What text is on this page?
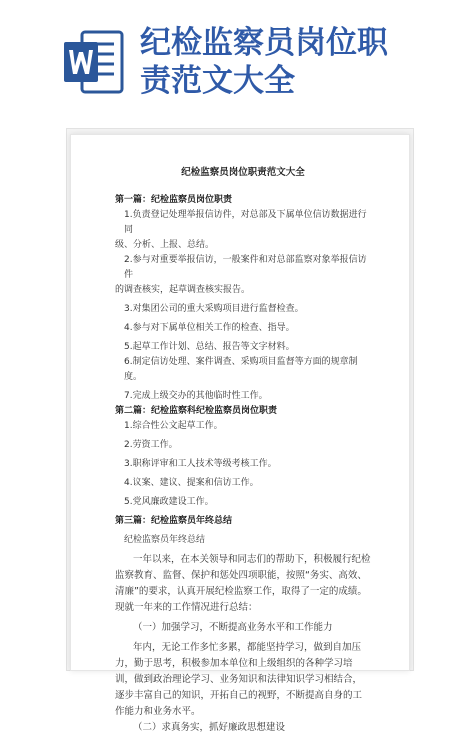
纪检监察员岗位职
责范文大全
纪检监察员岗位职责范文大全
第一篇：纪检监察员岗位职责
1.负责登记处理举报信访件，对总部及下属单位信访数据进行同
级、分析、上报、总结。
2.参与对重要举报信访，一般案件和对总部监察对象举报信访件
的调查核实，起草调查核实报告。
3.对集团公司的重大采购项目进行监督检查。
4.参与对下属单位相关工作的检查、指导。
5.起草工作计划、总结、报告等文字材料。
6.制定信访处理、案件调查、采购项目监督等方面的规章制度。
7.完成上级交办的其他临时性工作。
第二篇：纪检监察科纪检监察员岗位职责
1.综合性公文起草工作。
2.劳资工作。
3.职称评审和工人技术等级考核工作。
4.议案、建议、提案和信访工作。
5.党风廉政建设工作。
第三篇：纪检监察员年终总结
纪检监察员年终总结
一年以来，在本关领导和同志们的帮助下，积极履行纪检监察教育、监督、保护和惩处四项职能，按照“务实、高效、清廉”的要求，认真开展纪检监察工作，取得了一定的成绩。现就一年来的工作情况进行总结：
（一）加强学习，不断提高业务水平和工作能力
年内，无论工作多忙多累，都能坚持学习，做到自加压力，勤于思考，积极参加本单位和上级组织的各种学习培训，做到政治理论学习、业务知识和法律知识学习相结合，逐步丰富自己的知识，开拓自己的视野，不断提高自身的工作能力和业务水平。
（二）求真务实，抓好廉政思想建设
